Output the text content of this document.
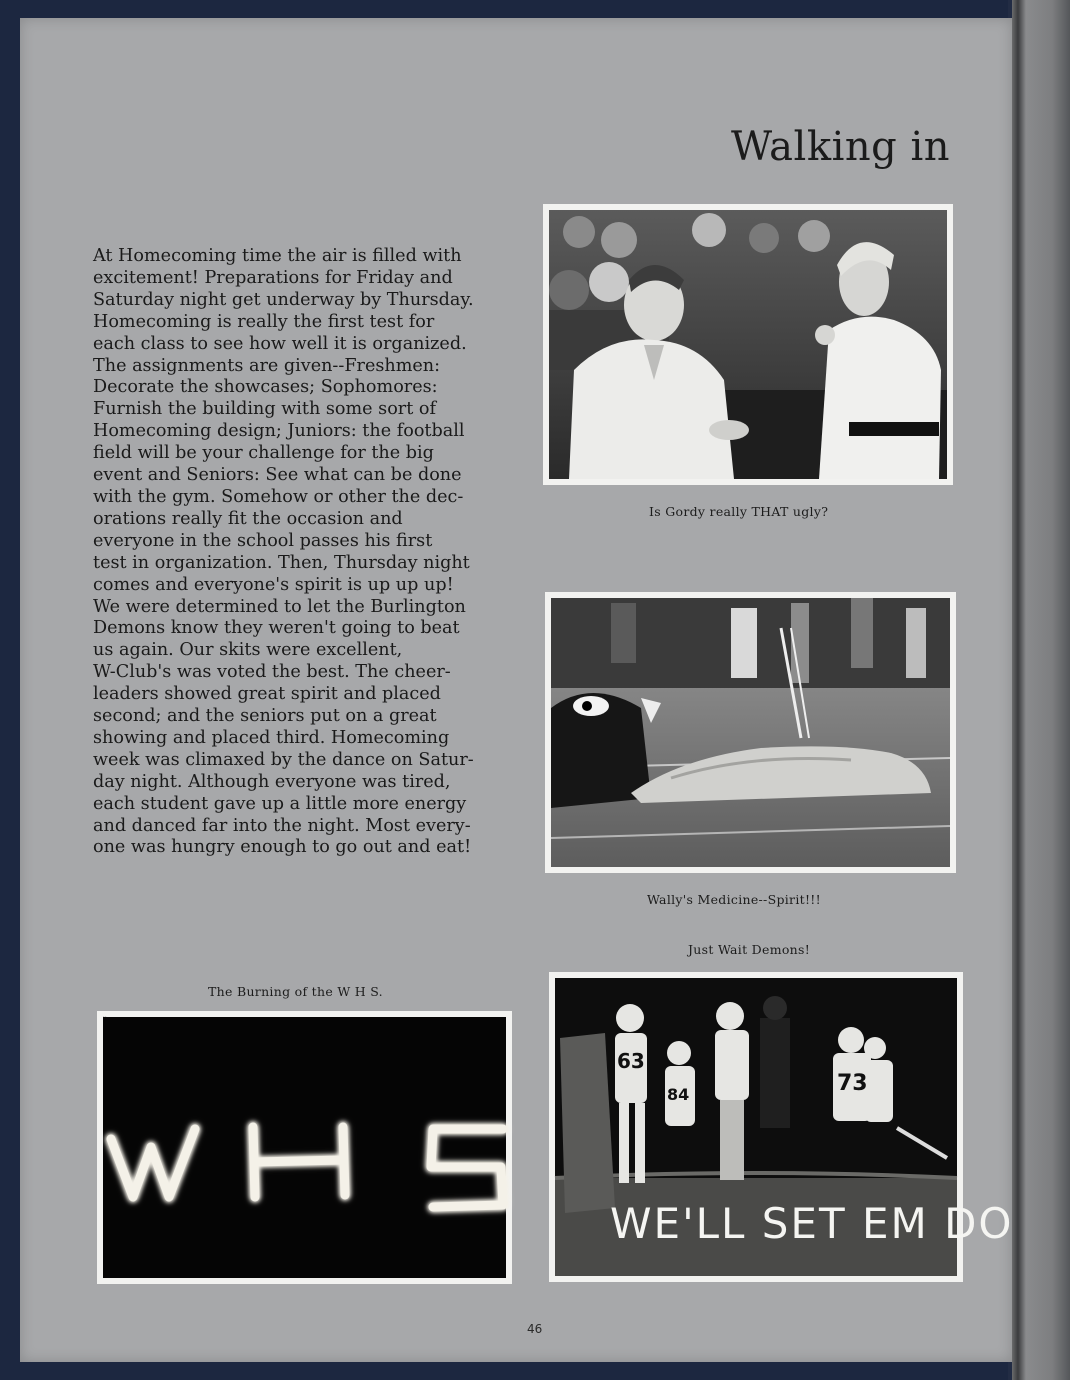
Walking in
At Homecoming time the air is filled with
excitement! Preparations for Friday and
Saturday night get underway by Thursday.
Homecoming is really the first test for
each class to see how well it is organized.
The assignments are given--Freshmen:
Decorate the showcases; Sophomores:
Furnish the building with some sort of
Homecoming design; Juniors: the football
field will be your challenge for the big
event and Seniors: See what can be done
with the gym. Somehow or other the dec-
orations really fit the occasion and
everyone in the school passes his first
test in organization. Then, Thursday night
comes and everyone's spirit is up up up!
We were determined to let the Burlington
Demons know they weren't going to beat
us again. Our skits were excellent,
W-Club's was voted the best. The cheer-
leaders showed great spirit and placed
second; and the seniors put on a great
showing and placed third. Homecoming
week was climaxed by the dance on Satur-
day night. Although everyone was tired,
each student gave up a little more energy
and danced far into the night. Most every-
one was hungry enough to go out and eat!
Is Gordy really THAT ugly?
Wally's Medicine--Spirit!!!
Just Wait Demons!
63
84	73
WE'LL SET EM DO
The Burning of the W H S.
W H S
46
